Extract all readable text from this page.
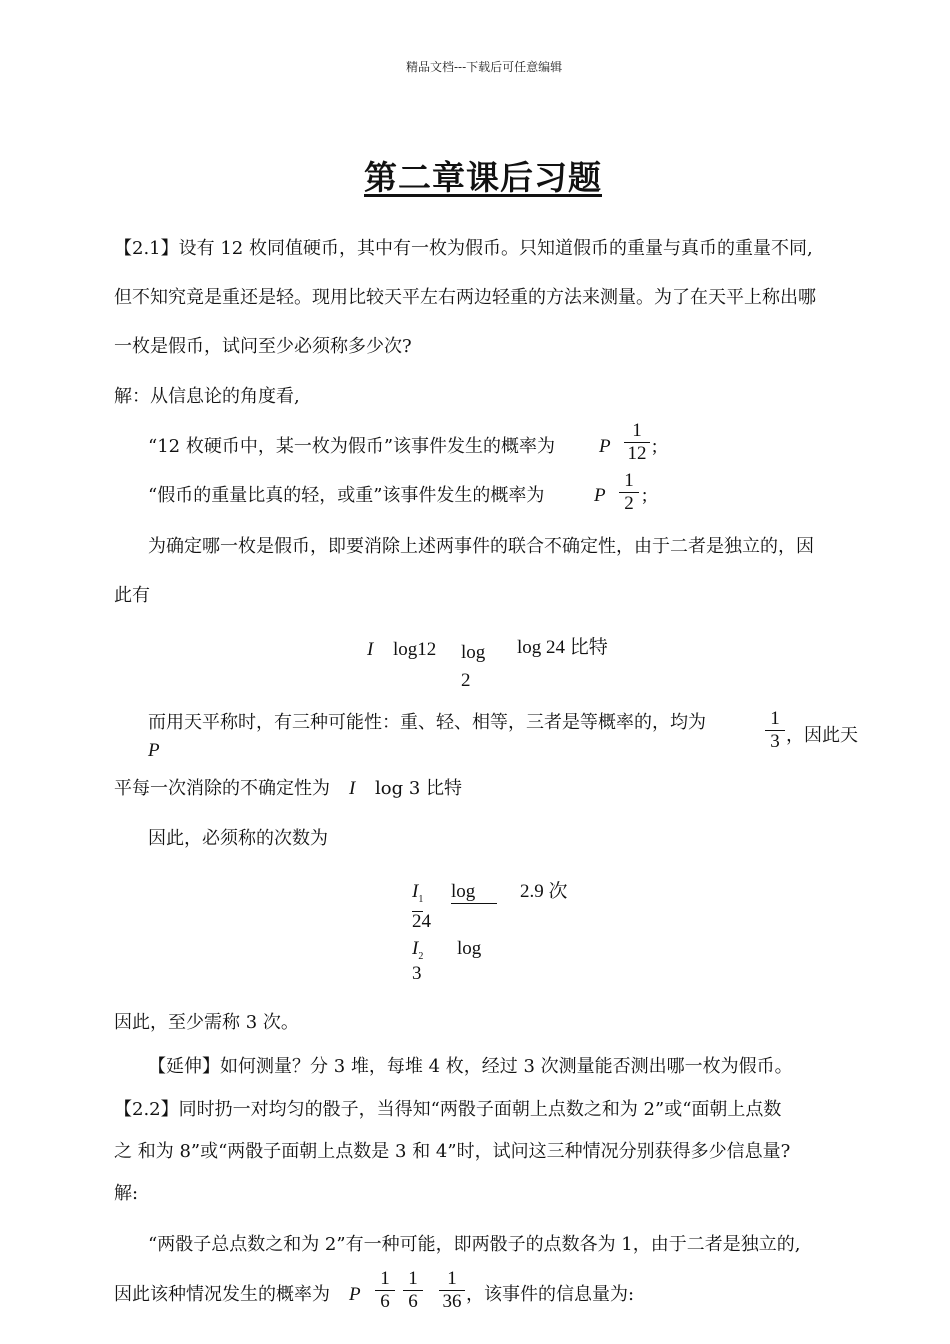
精品文档---下载后可任意编辑
第二章课后习题
【2.1】设有 12 枚同值硬币，其中有一枚为假币。只知道假币的重量与真币的重量不同,
但不知究竟是重还是轻。现用比较天平左右两边轻重的方法来测量。为了在天平上称出哪
一枚是假币，试问至少必须称多少次?
解：从信息论的角度看,
“12 枚硬币中，某一枚为假币”该事件发生的概率为 P $\frac{1}{12}$ ;
“假币的重量比真的轻，或重”该事件发生的概率为	P $\frac{1}{2}$ ;
为确定哪一枚是假币，即要消除上述两事件的联合不确定性，由于二者是独立的，因
此有
I log12 log
2
log 24 比特
而用天平称时，有三种可能性：重、轻、相等，三者是等概率的，均为
P	$\frac{1}{3}$ ，因此天
平每一次消除的不确定性为 I log 3 比特
因此，必须称的次数为
$I_1$ log	2.9 次
24
$I_2$ log
3
因此，至少需称 3 次。
【延伸】如何测量？分 3 堆，每堆 4 枚，经过 3 次测量能否测出哪一枚为假币。
【2.2】同时扔一对均匀的骰子，当得知“两骰子面朝上点数之和为 2”或“面朝上点数
之 和为 8”或“两骰子面朝上点数是 3 和 4”时，试问这三种情况分别获得多少信息量?
解:
“两骰子总点数之和为 2”有一种可能，即两骰子的点数各为 1，由于二者是独立的,
因此该种情况发生的概率为 P $\frac{1}{6} \frac{1}{6} \frac{1}{36}$ ，该事件的信息量为:
